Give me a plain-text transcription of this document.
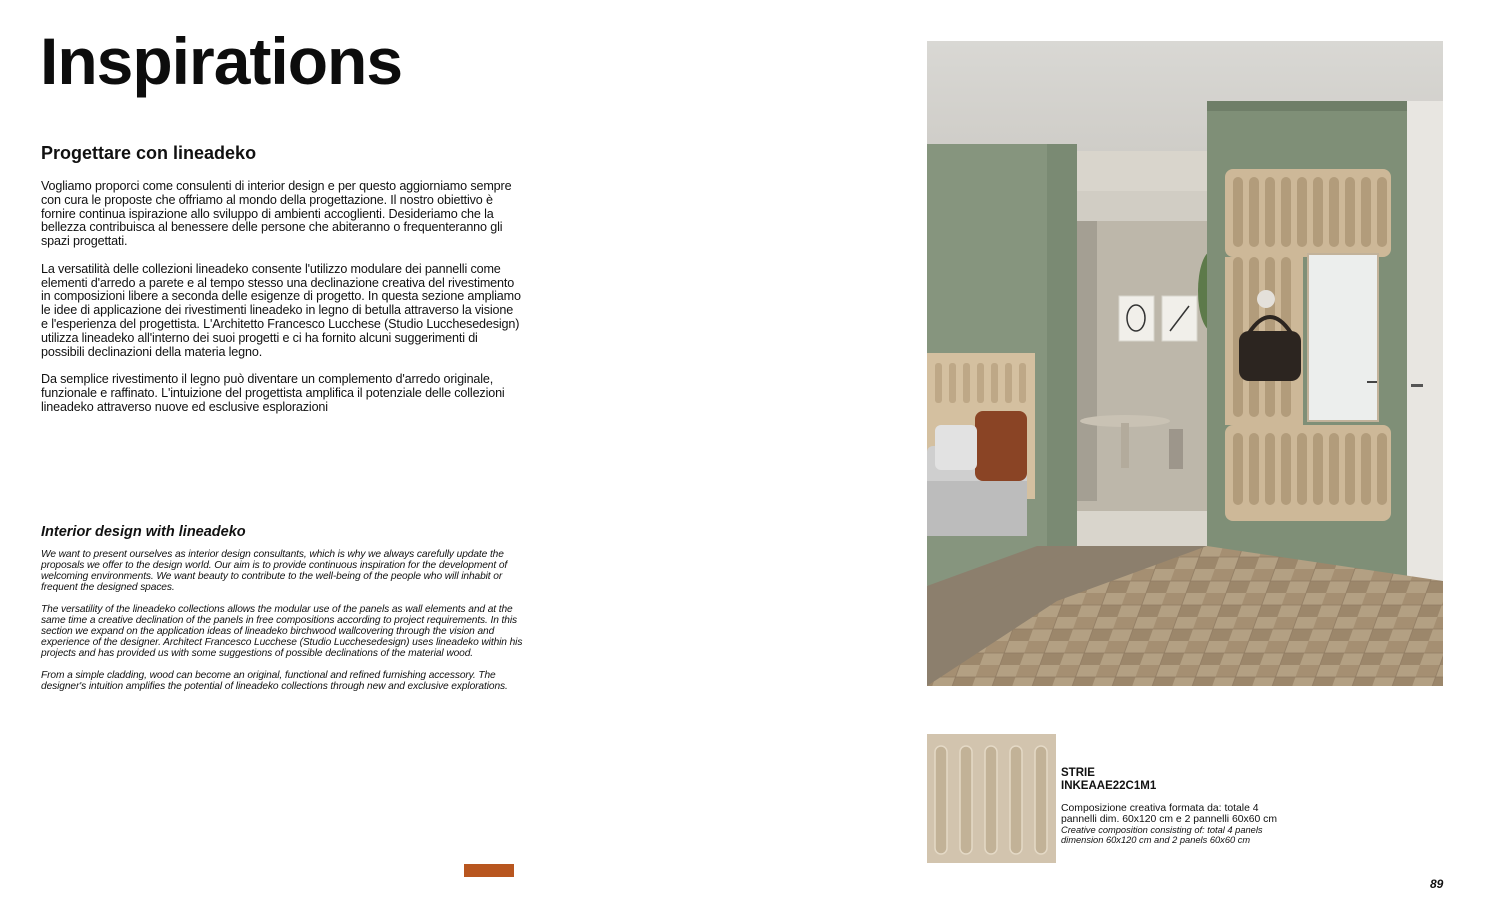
Inspirations
Progettare con lineadeko

Vogliamo proporci come consulenti di interior design e per questo aggiorniamo sempre con cura le proposte che offriamo al mondo della progettazione. Il nostro obiettivo è fornire continua ispirazione allo sviluppo di ambienti accoglienti. Desideriamo che la bellezza contribuisca al benessere delle persone che abiteranno o frequenteranno gli spazi progettati.

La versatilità delle collezioni lineadeko consente l'utilizzo modulare dei pannelli come elementi d'arredo a parete e al tempo stesso una declinazione creativa del rivestimento in composizioni libere a seconda delle esigenze di progetto. In questa sezione ampliamo le idee di applicazione dei rivestimenti lineadeko in legno di betulla attraverso la visione e l'esperienza del progettista. L'Architetto Francesco Lucchese (Studio Lucchesedesign) utilizza lineadeko all'interno dei suoi progetti e ci ha fornito alcuni suggerimenti di possibili declinazioni della materia legno.

Da semplice rivestimento il legno può diventare un complemento d'arredo originale, funzionale e raffinato. L'intuizione del progettista amplifica il potenziale delle collezioni lineadeko attraverso nuove ed esclusive esplorazioni

Interior design with lineadeko

We want to present ourselves as interior design consultants, which is why we always carefully update the proposals we offer to the design world. Our aim is to provide continuous inspiration for the development of welcoming environments. We want beauty to contribute to the well-being of the people who will inhabit or frequent the designed spaces.

The versatility of the lineadeko collections allows the modular use of the panels as wall elements and at the same time a creative declination of the panels in free compositions according to project requirements. In this section we expand on the application ideas of lineadeko birchwood wallcovering through the vision and experience of the designer. Architect Francesco Lucchese (Studio Lucchesedesign) uses lineadeko within his projects and has provided us with some suggestions of possible declinations of the material wood.

From a simple cladding, wood can become an original, functional and refined furnishing accessory. The designer's intuition amplifies the potential of lineadeko collections through new and exclusive explorations.

STRIE
INKEAAE22C1M1
Composizione creativa formata da: totale 4 pannelli dim. 60x120 cm e 2 pannelli 60x60 cm
Creative composition consisting of: total 4 panels dimension 60x120 cm and 2 panels 60x60 cm
89
